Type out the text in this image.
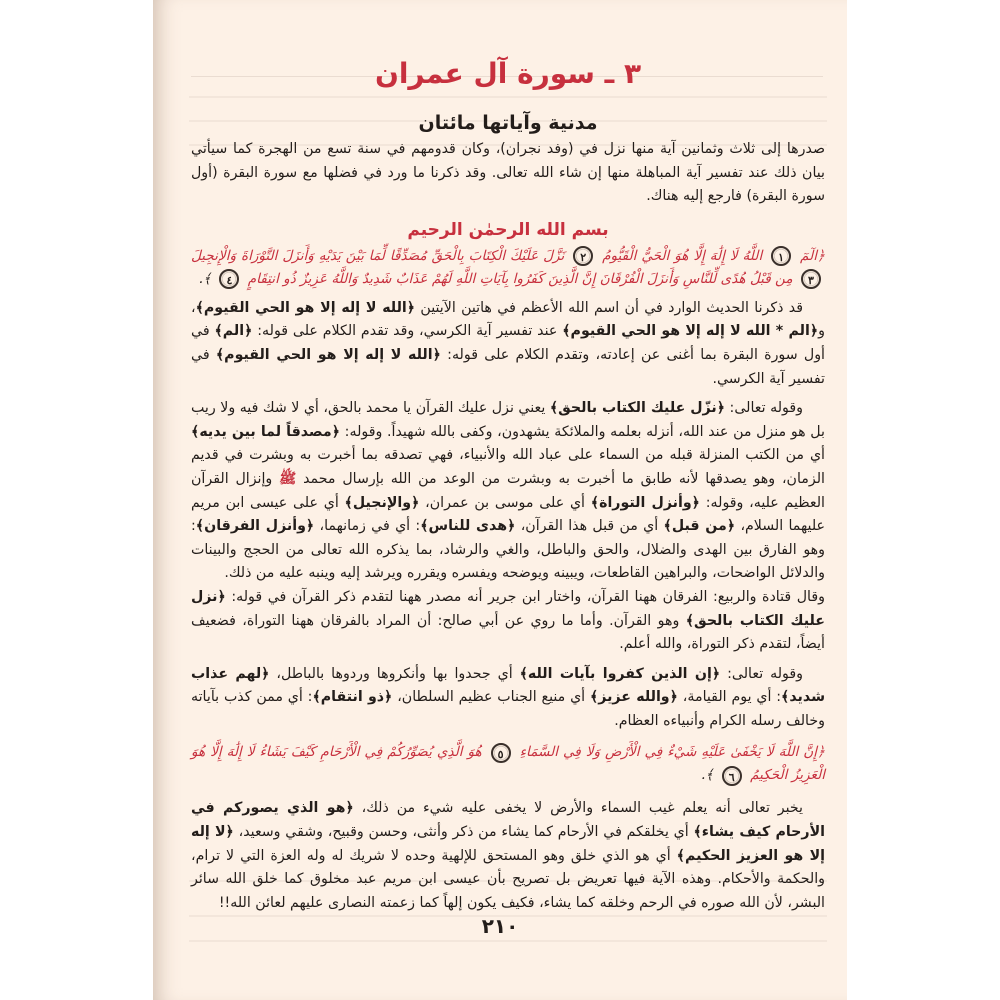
٣ ـ سورة آل عمران
مدنية وآياتها مائتان

صدرها إلى ثلاث وثمانين آية منها نزل في (وفد نجران)، وكان قدومهم في سنة تسع من الهجرة كما سيأتي بيان ذلك عند تفسير آية المباهلة منها إن شاء الله تعالى. وقد ذكرنا ما ورد في فضلها مع سورة البقرة (أول سورة البقرة) فارجع إليه هناك.

بسم الله الرحمٰن الرحيم

﴿الٓمٓ ١ اللَّهُ لَا إِلَٰهَ إِلَّا هُوَ الْحَيُّ الْقَيُّومُ ٢ نَزَّلَ عَلَيْكَ الْكِتَابَ بِالْحَقِّ مُصَدِّقًا لِّمَا بَيْنَ يَدَيْهِ وَأَنزَلَ التَّوْرَاةَ وَالْإِنجِيلَ ٣ مِن قَبْلُ هُدًى لِّلنَّاسِ وَأَنزَلَ الْفُرْقَانَ إِنَّ الَّذِينَ كَفَرُوا بِآيَاتِ اللَّهِ لَهُمْ عَذَابٌ شَدِيدٌ وَاللَّهُ عَزِيزٌ ذُو انتِقَامٍ ٤ ﴾.

قد ذكرنا الحديث الوارد في أن اسم الله الأعظم في هاتين الآيتين ﴿الله لا إله إلا هو الحي القيوم﴾، و﴿الم * الله لا إله إلا هو الحي القيوم﴾ عند تفسير آية الكرسي، وقد تقدم الكلام على قوله: ﴿الم﴾ في أول سورة البقرة بما أغنى عن إعادته، وتقدم الكلام على قوله: ﴿الله لا إله إلا هو الحي القيوم﴾ في تفسير آية الكرسي.

وقوله تعالى: ﴿نزّل عليك الكتاب بالحق﴾ يعني نزل عليك القرآن يا محمد بالحق، أي لا شك فيه ولا ريب بل هو منزل من عند الله، أنزله بعلمه والملائكة يشهدون، وكفى بالله شهيداً. وقوله: ﴿مصدقاً لما بين يديه﴾ أي من الكتب المنزلة قبله من السماء على عباد الله والأنبياء، فهي تصدقه بما أخبرت به وبشرت في قديم الزمان، وهو يصدقها لأنه طابق ما أخبرت به وبشرت من الوعد من الله بإرسال محمد ﷺ وإنزال القرآن العظيم عليه، وقوله: ﴿وأنزل التوراة﴾ أي على موسى بن عمران، ﴿والإنجيل﴾ أي على عيسى ابن مريم عليهما السلام، ﴿من قبل﴾ أي من قبل هذا القرآن، ﴿هدى للناس﴾: أي في زمانهما، ﴿وأنزل الفرقان﴾: وهو الفارق بين الهدى والضلال، والحق والباطل، والغي والرشاد، بما يذكره الله تعالى من الحجج والبينات والدلائل الواضحات، والبراهين القاطعات، ويبينه ويوضحه ويفسره ويقرره ويرشد إليه وينبه عليه من ذلك.

وقال قتادة والربيع: الفرقان ههنا القرآن، واختار ابن جرير أنه مصدر ههنا لتقدم ذكر القرآن في قوله: ﴿نزل عليك الكتاب بالحق﴾ وهو القرآن. وأما ما روي عن أبي صالح: أن المراد بالفرقان ههنا التوراة، فضعيف أيضاً، لتقدم ذكر التوراة، والله أعلم.

وقوله تعالى: ﴿إن الذين كفروا بآيات الله﴾ أي جحدوا بها وأنكروها وردوها بالباطل، ﴿لهم عذاب شديد﴾: أي يوم القيامة، ﴿والله عزيز﴾ أي منيع الجناب عظيم السلطان، ﴿ذو انتقام﴾: أي ممن كذب بآياته وخالف رسله الكرام وأنبياءه العظام.

﴿إِنَّ اللَّهَ لَا يَخْفَىٰ عَلَيْهِ شَيْءٌ فِي الْأَرْضِ وَلَا فِي السَّمَاءِ ٥ هُوَ الَّذِي يُصَوِّرُكُمْ فِي الْأَرْحَامِ كَيْفَ يَشَاءُ لَا إِلَٰهَ إِلَّا هُوَ الْعَزِيزُ الْحَكِيمُ ٦ ﴾.

يخبر تعالى أنه يعلم غيب السماء والأرض لا يخفى عليه شيء من ذلك، ﴿هو الذي يصوركم في الأرحام كيف يشاء﴾ أي يخلقكم في الأرحام كما يشاء من ذكر وأنثى، وحسن وقبيح، وشقي وسعيد، ﴿لا إله إلا هو العزيز الحكيم﴾ أي هو الذي خلق وهو المستحق للإلهية وحده لا شريك له وله العزة التي لا ترام، والحكمة والأحكام. وهذه الآية فيها تعريض بل تصريح بأن عيسى ابن مريم عبد مخلوق كما خلق الله سائر البشر، لأن الله صوره في الرحم وخلقه كما يشاء، فكيف يكون إلهاً كما زعمته النصارى عليهم لعائن الله!!

٢١٠
